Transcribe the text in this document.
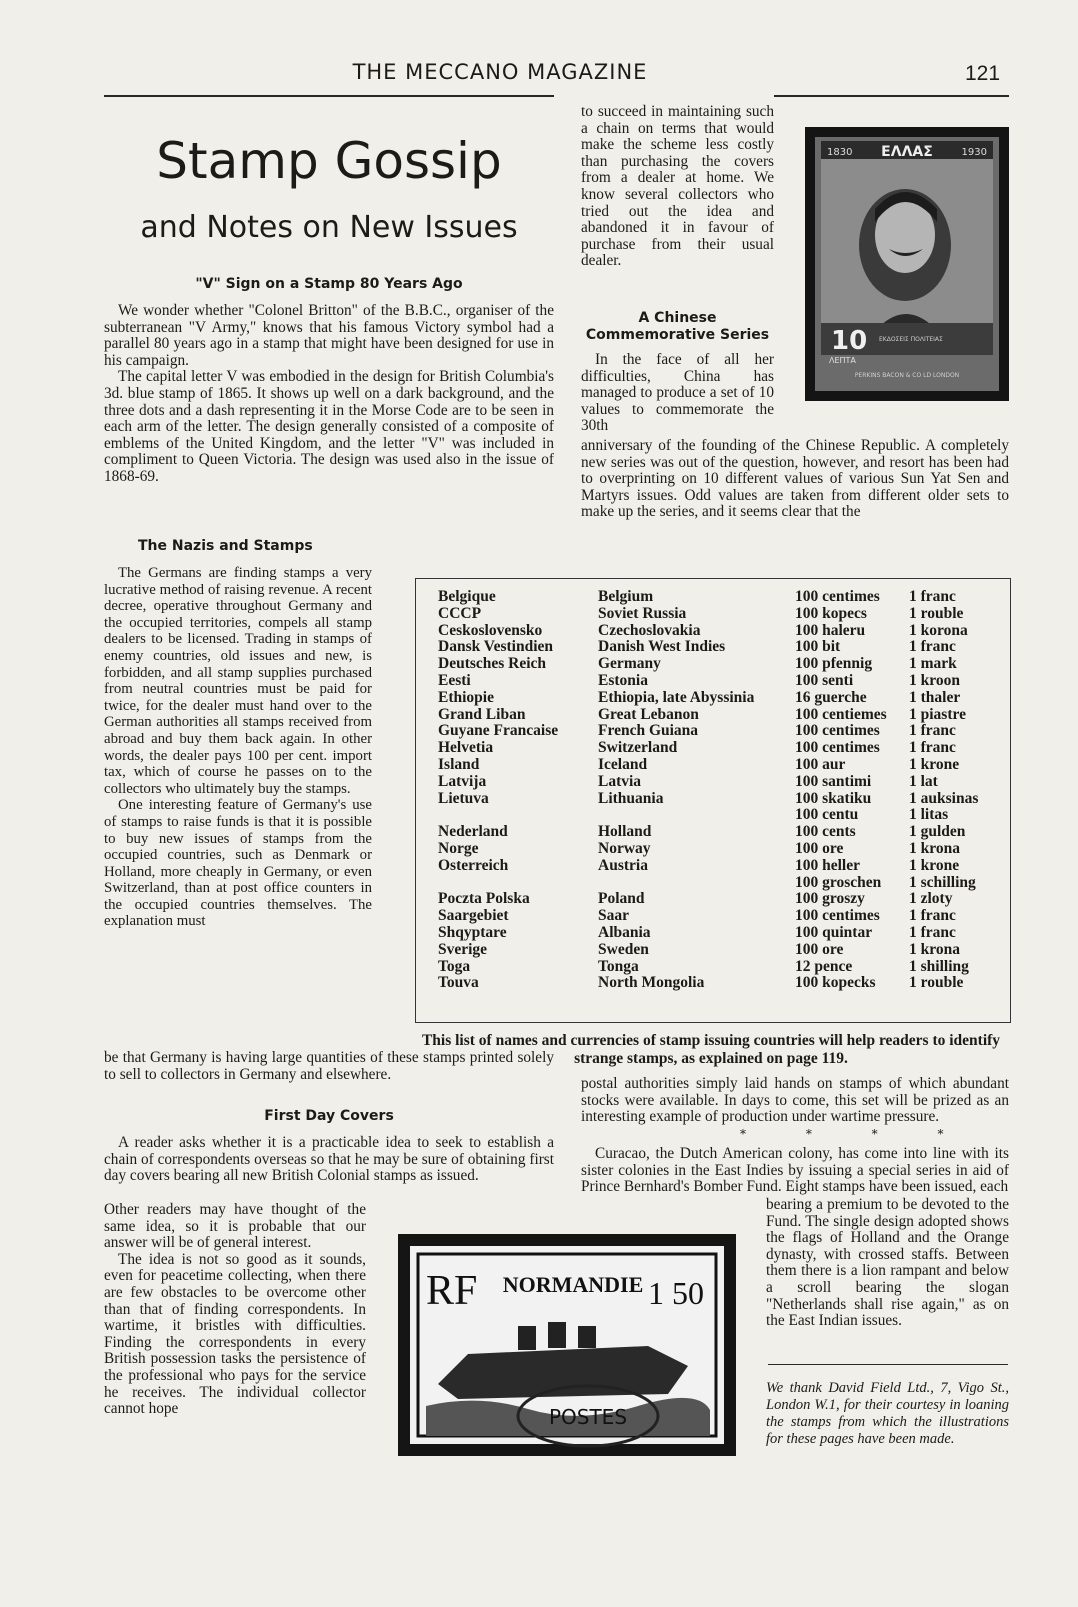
THE MECCANO MAGAZINE	121
Stamp Gossip
and Notes on New Issues
"V" Sign on a Stamp 80 Years Ago

We wonder whether "Colonel Britton" of the B.B.C., organiser of the subterranean "V Army," knows that his famous Victory symbol had a parallel 80 years ago in a stamp that might have been designed for use in his campaign.

The capital letter V was embodied in the design for British Columbia's 3d. blue stamp of 1865. It shows up well on a dark background, and the three dots and a dash representing it in the Morse Code are to be seen in each arm of the letter. The design generally consisted of a composite of emblems of the United Kingdom, and the letter "V" was included in compliment to Queen Victoria. The design was used also in the issue of 1868-69.

The Nazis and Stamps

The Germans are finding stamps a very lucrative method of raising revenue. A recent decree, operative throughout Germany and the occupied territories, compels all stamp dealers to be licensed. Trading in stamps of enemy countries, old issues and new, is forbidden, and all stamp supplies purchased from neutral countries must be paid for twice, for the dealer must hand over to the German authorities all stamps received from abroad and buy them back again. In other words, the dealer pays 100 per cent. import tax, which of course he passes on to the collectors who ultimately buy the stamps.

One interesting feature of Germany's use of stamps to raise funds is that it is possible to buy new issues of stamps from the occupied countries, such as Denmark or Holland, more cheaply in Germany, or even Switzerland, than at post office counters in the occupied countries themselves. The explanation must

be that Germany is having large quantities of these stamps printed solely to sell to collectors in Germany and elsewhere.

First Day Covers

A reader asks whether it is a practicable idea to seek to establish a chain of correspondents overseas so that he may be sure of obtaining first day covers bearing all new British Colonial stamps as issued.

Other readers may have thought of the same idea, so it is probable that our answer will be of general interest.

The idea is not so good as it sounds, even for peacetime collecting, when there are few obstacles to be overcome other than that of finding correspondents. In wartime, it bristles with difficulties. Finding the correspondents in every British possession tasks the persistence of the professional who pays for the service he receives. The individual collector cannot hope

to succeed in maintaining such a chain on terms that would make the scheme less costly than purchasing the covers from a dealer at home. We know several collectors who tried out the idea and abandoned it in favour of purchase from their usual dealer.

A Chinese
Commemorative Series

In the face of all her difficulties, China has managed to produce a set of 10 values to commemorate the 30th

anniversary of the founding of the Chinese Republic. A completely new series was out of the question, however, and resort has been had to overprinting on 10 different values of various Sun Yat Sen and Martyrs issues. Odd values are taken from different older sets to make up the series, and it seems clear that the

1830 ΕΛΛΑΣ	1930
10
ΛΕΠΤΑ
ΕΚΔΟΣΕΙΣ ΠΟΛΙΤΕΙΑΣ
PERKINS BACON & CO LD LONDON
Belgique	Belgium	100 centimes	1 franc
CCCP	Soviet Russia	100 kopecs	1 rouble
Ceskoslovensko	Czechoslovakia	100 haleru	1 korona
Dansk Vestindien	Danish West Indies	100 bit	1 franc
Deutsches Reich	Germany	100 pfennig	1 mark
Eesti	Estonia	100 senti	1 kroon
Ethiopie	Ethiopia, late Abyssinia	16 guerche	1 thaler
Grand Liban	Great Lebanon	100 centiemes	1 piastre
Guyane Francaise	French Guiana	100 centimes	1 franc
Helvetia	Switzerland	100 centimes	1 franc
Island	Iceland	100 aur	1 krone
Latvija	Latvia	100 santimi	1 lat
Lietuva	Lithuania	100 skatiku	1 auksinas
		100 centu	1 litas
Nederland	Holland	100 cents	1 gulden
Norge	Norway	100 ore	1 krona
Osterreich	Austria	100 heller	1 krone
		100 groschen	1 schilling
Poczta Polska	Poland	100 groszy	1 zloty
Saargebiet	Saar	100 centimes	1 franc
Shqyptare	Albania	100 quintar	1 franc
Sverige	Sweden	100 ore	1 krona
Toga	Tonga	12 pence	1 shilling
Touva	North Mongolia	100 kopecks	1 rouble
This list of names and currencies of stamp issuing countries will help readers to identify strange stamps, as explained on page 119.

postal authorities simply laid hands on stamps of which abundant stocks were available. In days to come, this set will be prized as an interesting example of production under wartime pressure.

* * * *

Curacao, the Dutch American colony, has come into line with its sister colonies in the East Indies by issuing a special series in aid of Prince Bernhard's Bomber Fund. Eight stamps have been issued, each

bearing a premium to be devoted to the Fund. The single design adopted shows the flags of Holland and the Orange dynasty, with crossed staffs. Between them there is a lion rampant and below a scroll bearing the slogan "Netherlands shall rise again," as on the East Indian issues.

We thank David Field Ltd., 7, Vigo St., London W.1, for their courtesy in loaning the stamps from which the illustrations for these pages have been made.
RF NORMANDIE 1 50
POSTES
